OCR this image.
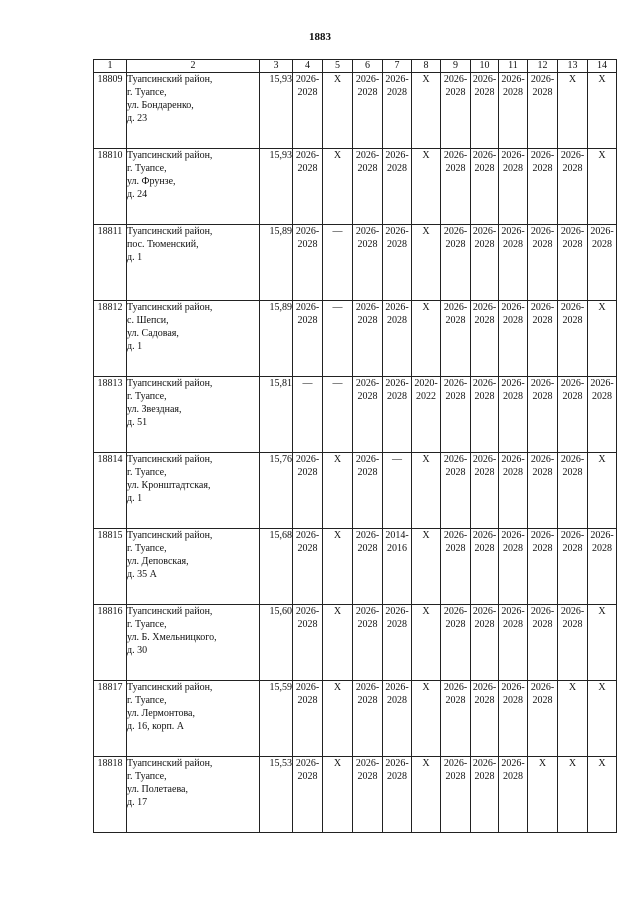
1883
1	2	3	4	5	6	7	8	9	10	11	12	13	14
18809	Туапсинский район,
г. Туапсе,
ул. Бондаренко,
д. 23	15,93	2026-
2028	X	2026-
2028	2026-
2028	X	2026-
2028	2026-
2028	2026-
2028	2026-
2028	X	X
18810	Туапсинский район,
г. Туапсе,
ул. Фрунзе,
д. 24	15,93	2026-
2028	X	2026-
2028	2026-
2028	X	2026-
2028	2026-
2028	2026-
2028	2026-
2028	2026-
2028	X
18811	Туапсинский район,
пос. Тюменский,
д. 1	15,89	2026-
2028	—	2026-
2028	2026-
2028	X	2026-
2028	2026-
2028	2026-
2028	2026-
2028	2026-
2028	2026-
2028
18812	Туапсинский район,
с. Шепси,
ул. Садовая,
д. 1	15,89	2026-
2028	—	2026-
2028	2026-
2028	X	2026-
2028	2026-
2028	2026-
2028	2026-
2028	2026-
2028	X
18813	Туапсинский район,
г. Туапсе,
ул. Звездная,
д. 51	15,81	—	—	2026-
2028	2026-
2028	2020-
2022	2026-
2028	2026-
2028	2026-
2028	2026-
2028	2026-
2028	2026-
2028
18814	Туапсинский район,
г. Туапсе,
ул. Кронштадтская,
д. 1	15,76	2026-
2028	X	2026-
2028	—	X	2026-
2028	2026-
2028	2026-
2028	2026-
2028	2026-
2028	X
18815	Туапсинский район,
г. Туапсе,
ул. Деповская,
д. 35 А	15,68	2026-
2028	X	2026-
2028	2014-
2016	X	2026-
2028	2026-
2028	2026-
2028	2026-
2028	2026-
2028	2026-
2028
18816	Туапсинский район,
г. Туапсе,
ул. Б. Хмельницкого,
д. 30	15,60	2026-
2028	X	2026-
2028	2026-
2028	X	2026-
2028	2026-
2028	2026-
2028	2026-
2028	2026-
2028	X
18817	Туапсинский район,
г. Туапсе,
ул. Лермонтова,
д. 16, корп. А	15,59	2026-
2028	X	2026-
2028	2026-
2028	X	2026-
2028	2026-
2028	2026-
2028	2026-
2028	X	X
18818	Туапсинский район,
г. Туапсе,
ул. Полетаева,
д. 17	15,53	2026-
2028	X	2026-
2028	2026-
2028	X	2026-
2028	2026-
2028	2026-
2028	X	X	X
